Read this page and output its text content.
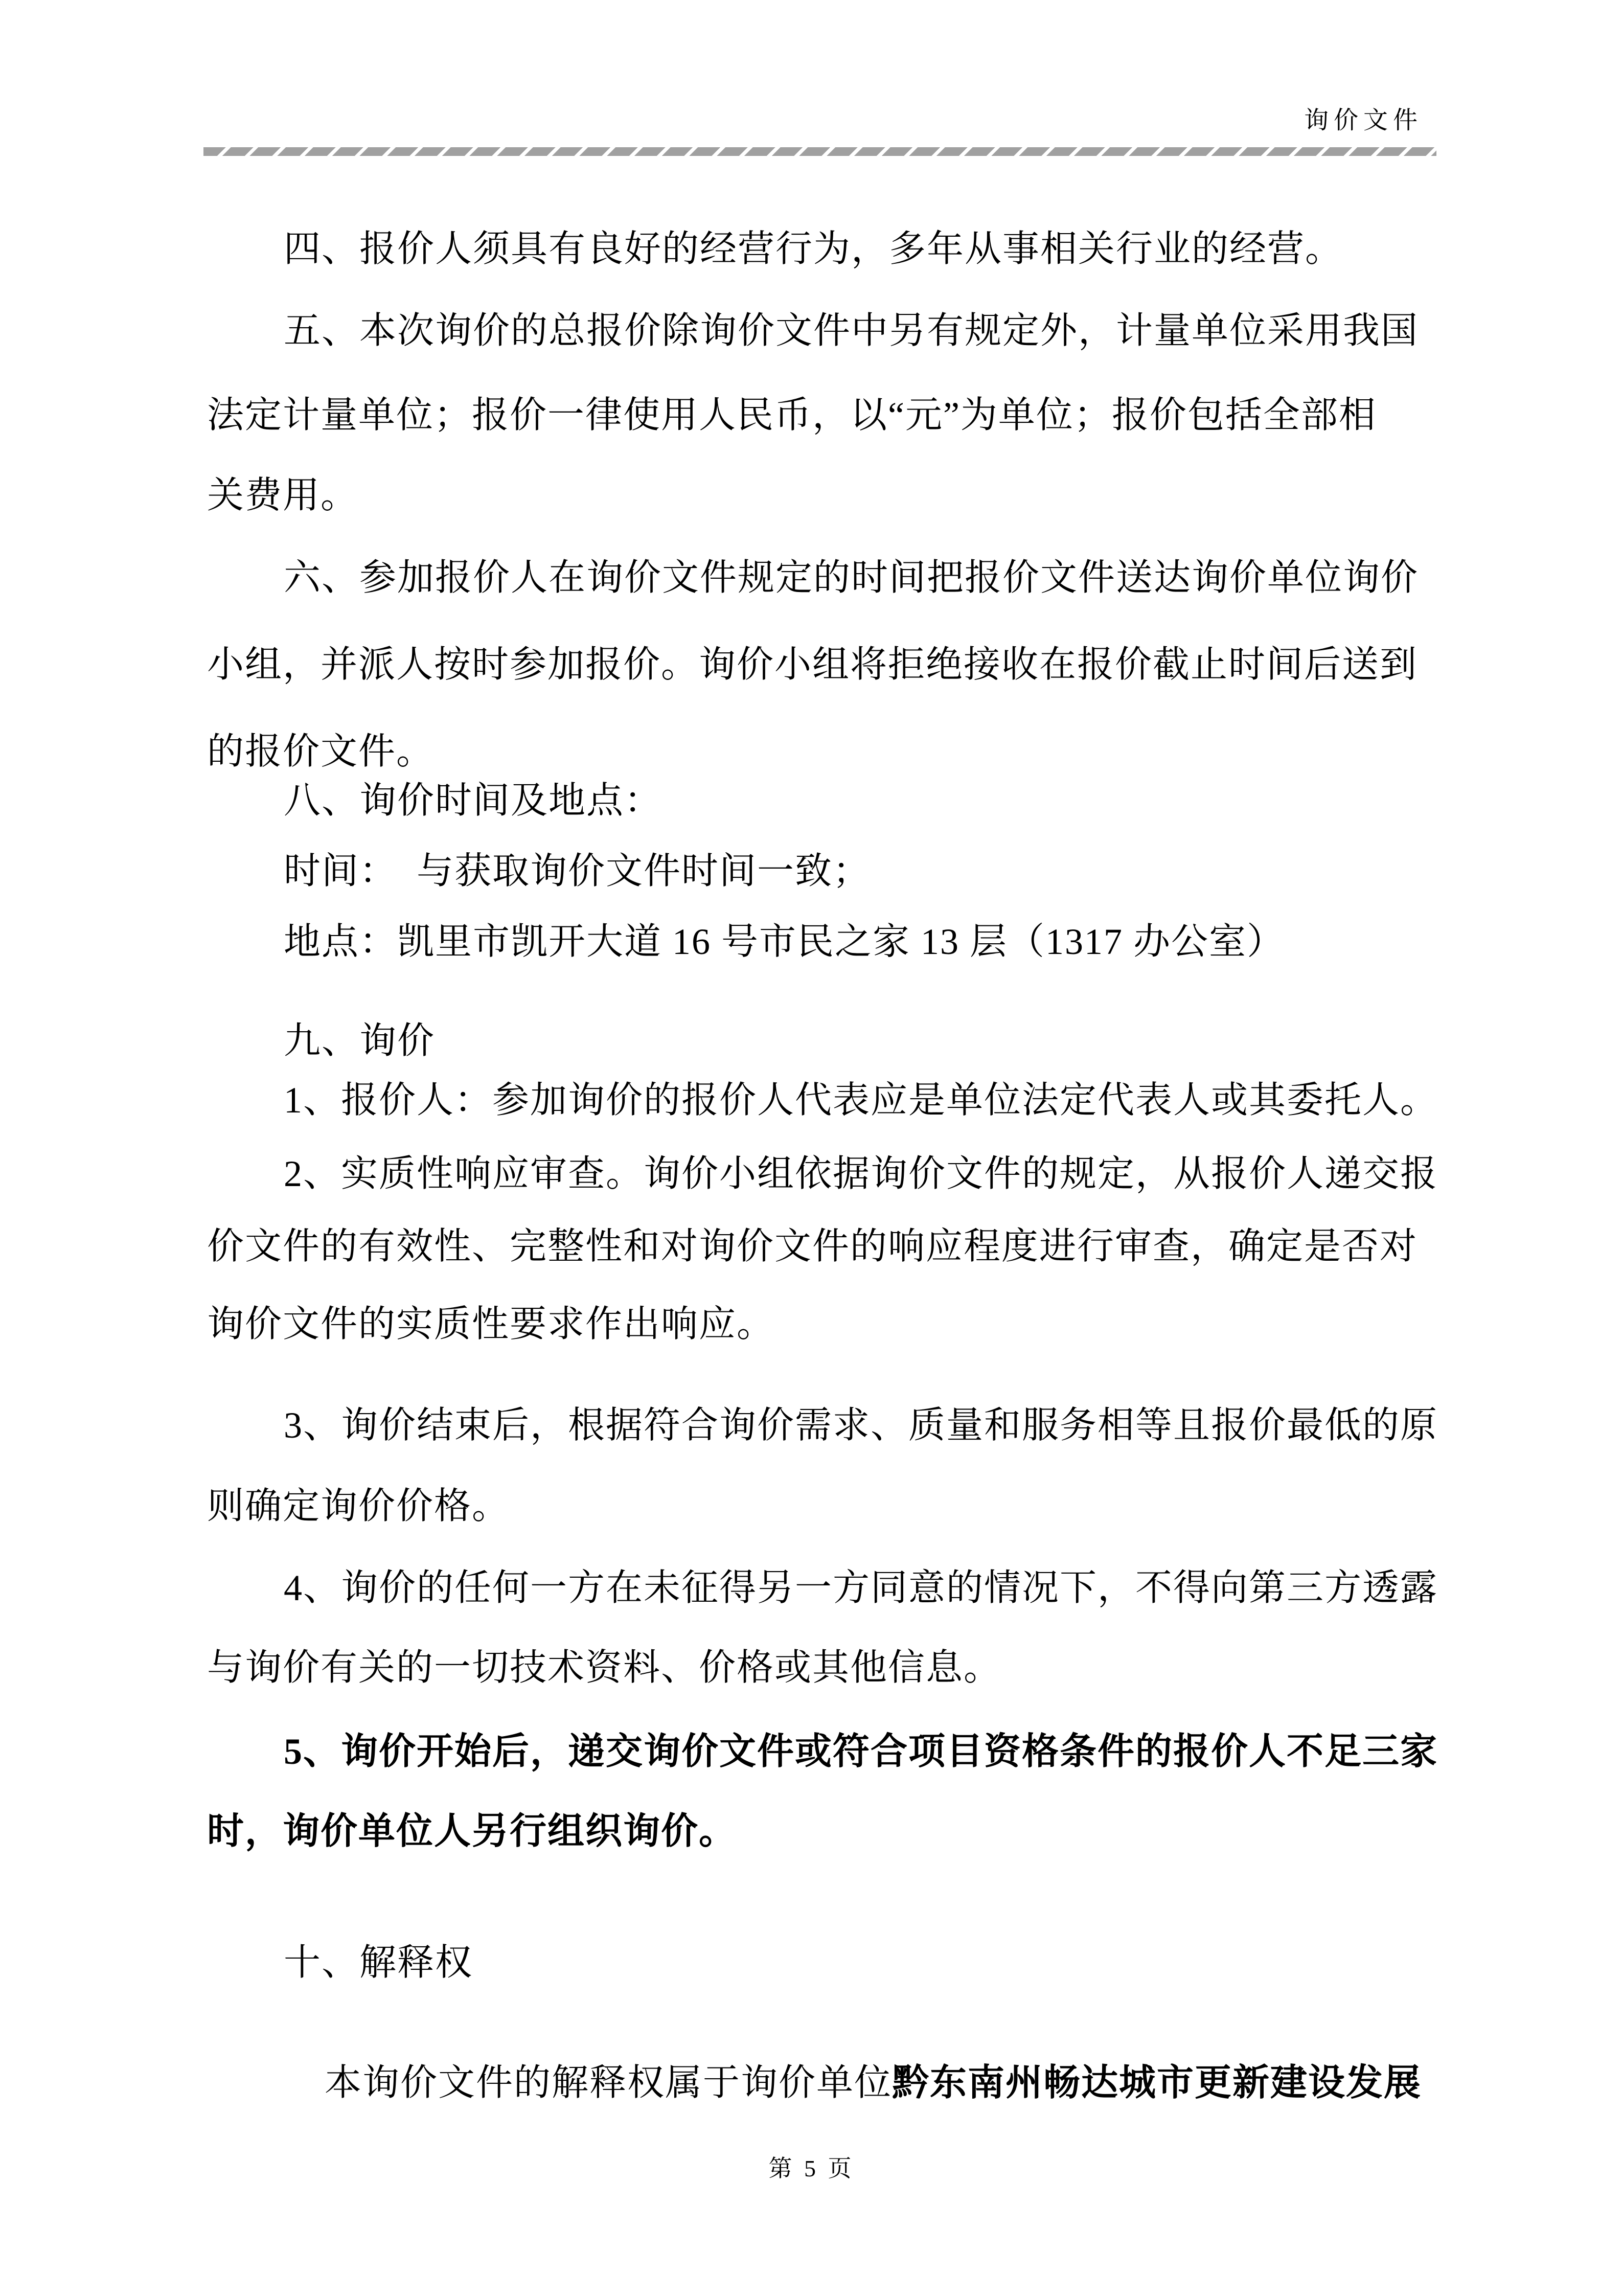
询价文件
四、报价人须具有良好的经营行为，多年从事相关行业的经营。
五、本次询价的总报价除询价文件中另有规定外，计量单位采用我国
法定计量单位；报价一律使用人民币，以“元”为单位；报价包括全部相
关费用。
六、参加报价人在询价文件规定的时间把报价文件送达询价单位询价
小组，并派人按时参加报价。询价小组将拒绝接收在报价截止时间后送到
的报价文件。
八、询价时间及地点：
时间：　与获取询价文件时间一致；
地点：凯里市凯开大道 16 号市民之家 13 层（1317 办公室）
九、询价
1、报价人：参加询价的报价人代表应是单位法定代表人或其委托人。
2、实质性响应审查。询价小组依据询价文件的规定，从报价人递交报
价文件的有效性、完整性和对询价文件的响应程度进行审查，确定是否对
询价文件的实质性要求作出响应。
3、询价结束后，根据符合询价需求、质量和服务相等且报价最低的原
则确定询价价格。
4、询价的任何一方在未征得另一方同意的情况下，不得向第三方透露
与询价有关的一切技术资料、价格或其他信息。
5、询价开始后，递交询价文件或符合项目资格条件的报价人不足三家
时，询价单位人另行组织询价。
十、解释权

本询价文件的解释权属于询价单位黔东南州畅达城市更新建设发展

第 5 页
